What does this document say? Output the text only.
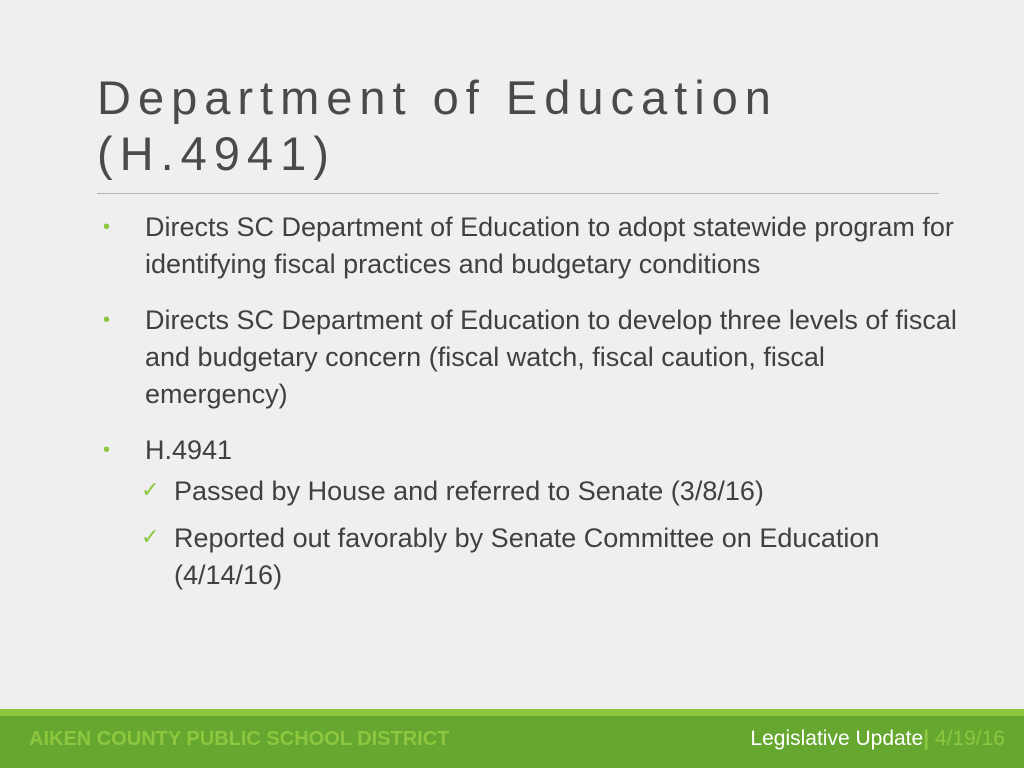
Department of Education
(H.4941)
•	Directs SC Department of Education to adopt statewide program for identifying fiscal practices and budgetary conditions
•	Directs SC Department of Education to develop three levels of fiscal and budgetary concern (fiscal watch, fiscal caution, fiscal emergency)
•	H.4941
✓ Passed by House and referred to Senate (3/8/16)
✓ Reported out favorably by Senate Committee on Education (4/14/16)
AIKEN COUNTY PUBLIC SCHOOL DISTRICT	Legislative Update| 4/19/16
